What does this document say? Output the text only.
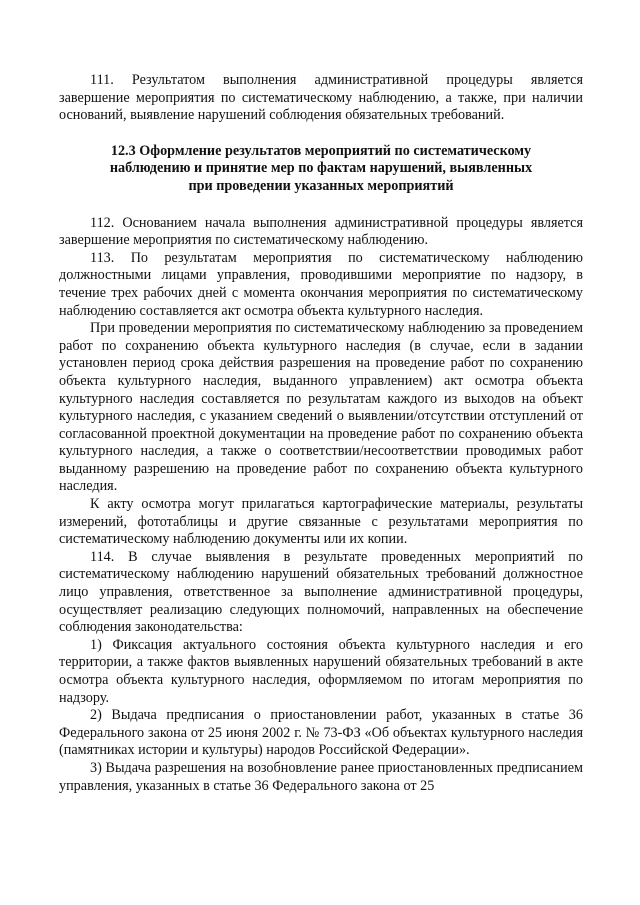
111. Результатом выполнения административной процедуры является завершение мероприятия по систематическому наблюдению, а также, при наличии оснований, выявление нарушений соблюдения обязательных требований.

12.3 Оформление результатов мероприятий по систематическому
наблюдению и принятие мер по фактам нарушений, выявленных
при проведении указанных мероприятий

112. Основанием начала выполнения административной процедуры является завершение мероприятия по систематическому наблюдению.

113. По результатам мероприятия по систематическому наблюдению должностными лицами управления, проводившими мероприятие по надзору, в течение трех рабочих дней с момента окончания мероприятия по систематическому наблюдению составляется акт осмотра объекта культурного наследия.

При проведении мероприятия по систематическому наблюдению за проведением работ по сохранению объекта культурного наследия (в случае, если в задании установлен период срока действия разрешения на проведение работ по сохранению объекта культурного наследия, выданного управлением) акт осмотра объекта культурного наследия составляется по результатам каждого из выходов на объект культурного наследия, с указанием сведений о выявлении/отсутствии отступлений от согласованной проектной документации на проведение работ по сохранению объекта культурного наследия, а также о соответствии/несоответствии проводимых работ выданному разрешению на проведение работ по сохранению объекта культурного наследия.

К акту осмотра могут прилагаться картографические материалы, результаты измерений, фототаблицы и другие связанные с результатами мероприятия по систематическому наблюдению документы или их копии.

114. В случае выявления в результате проведенных мероприятий по систематическому наблюдению нарушений обязательных требований должностное лицо управления, ответственное за выполнение административной процедуры, осуществляет реализацию следующих полномочий, направленных на обеспечение соблюдения законодательства:

1) Фиксация актуального состояния объекта культурного наследия и его территории, а также фактов выявленных нарушений обязательных требований в акте осмотра объекта культурного наследия, оформляемом по итогам мероприятия по надзору.

2) Выдача предписания о приостановлении работ, указанных в статье 36 Федерального закона от 25 июня 2002 г. № 73-ФЗ «Об объектах культурного наследия (памятниках истории и культуры) народов Российской Федерации».

3) Выдача разрешения на возобновление ранее приостановленных предписанием управления, указанных в статье 36 Федерального закона от 25
